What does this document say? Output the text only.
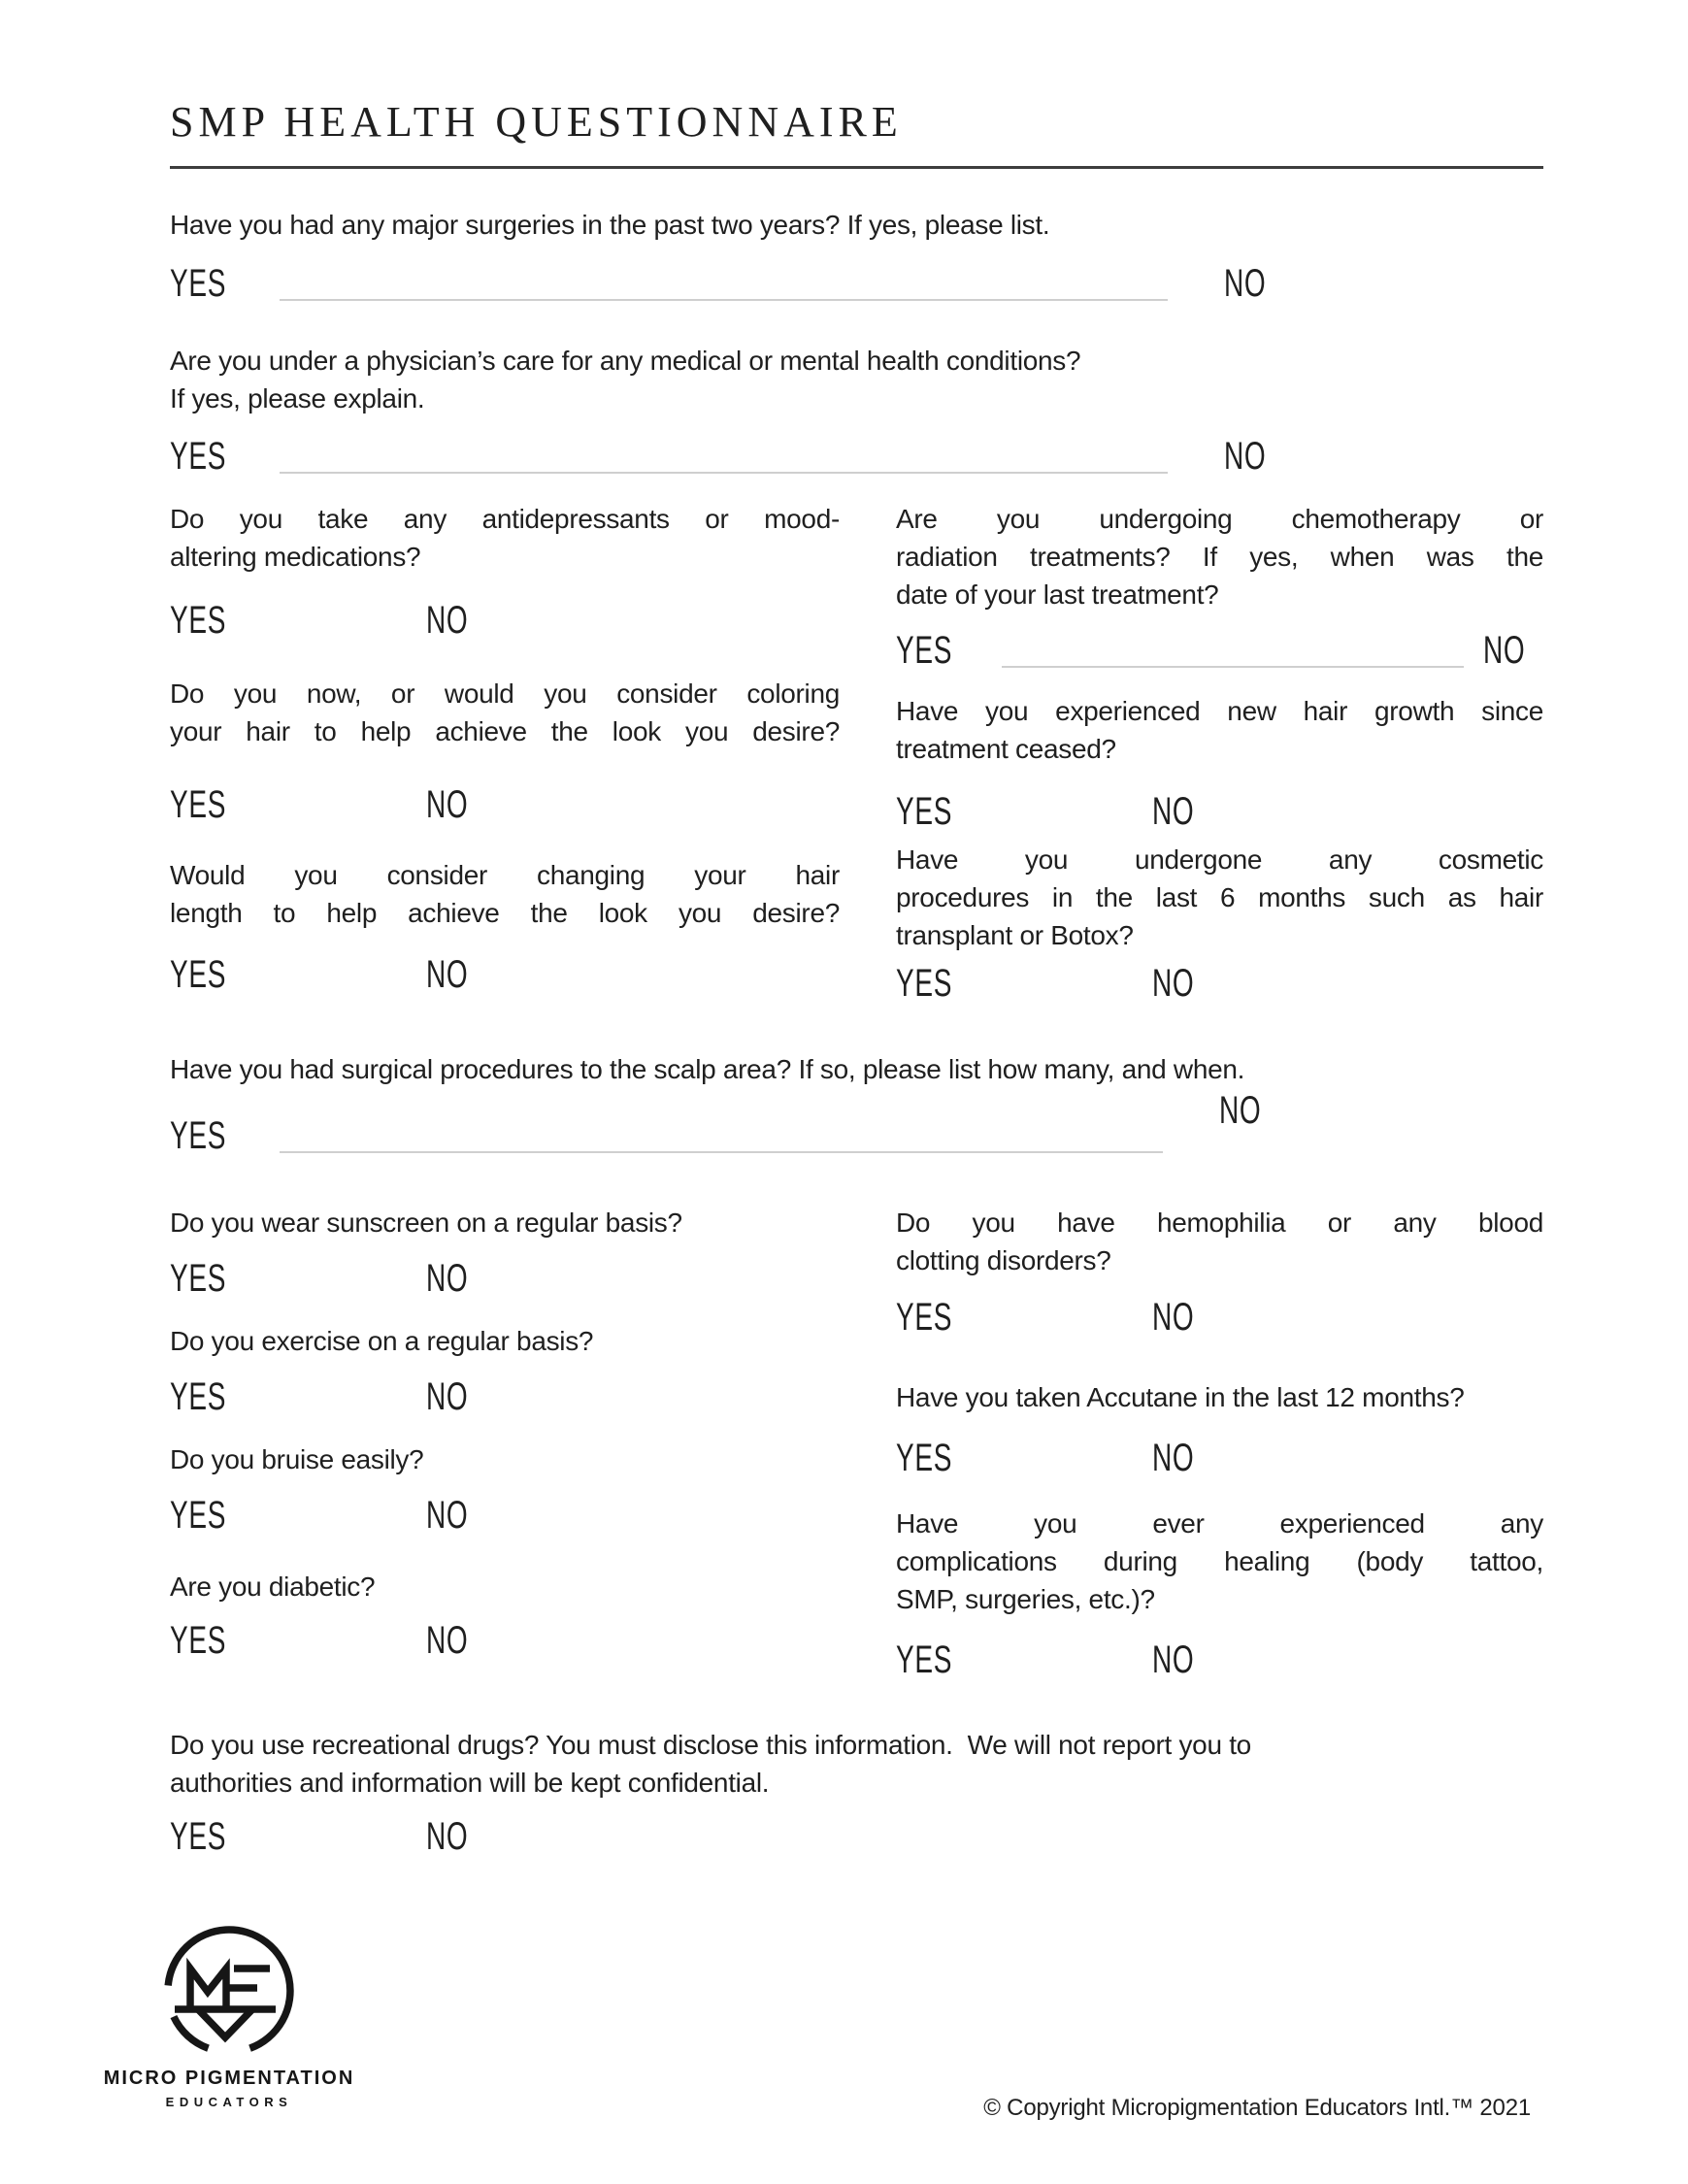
SMP HEALTH QUESTIONNAIRE
Have you had any major surgeries in the past two years? If yes, please list.
YES	NO
Are you under a physician’s care for any medical or mental health conditions?
If yes, please explain.
YES	NO
Do you take any antidepressants or mood-
altering medications?
YES	NO
Do you now, or would you consider coloring
your hair to help achieve the look you desire?
YES	NO
Would you consider changing your hair
length to help achieve the look you desire?
YES	NO
Are you undergoing chemotherapy or
radiation treatments? If yes, when was the
date of your last treatment?
YES	NO
Have you experienced new hair growth since
treatment ceased?
YES	NO
Have you undergone any cosmetic
procedures in the last 6 months such as hair
transplant or Botox?
YES	NO
Have you had surgical procedures to the scalp area? If so, please list how many, and when.
YES
NO
Do you wear sunscreen on a regular basis?
YES	NO
Do you exercise on a regular basis?
YES	NO
Do you bruise easily?
YES	NO
Are you diabetic?
YES	NO
Do you have hemophilia or any blood
clotting disorders?
YES	NO
Have you taken Accutane in the last 12 months?
YES	NO
Have you ever experienced any
complications during healing (body tattoo,
SMP, surgeries, etc.)?
YES	NO
Do you use recreational drugs? You must disclose this information.  We will not report you to
authorities and information will be kept confidential.
YES	NO
MICRO PIGMENTATION
EDUCATORS	© Copyright Micropigmentation Educators Intl.™ 2021
